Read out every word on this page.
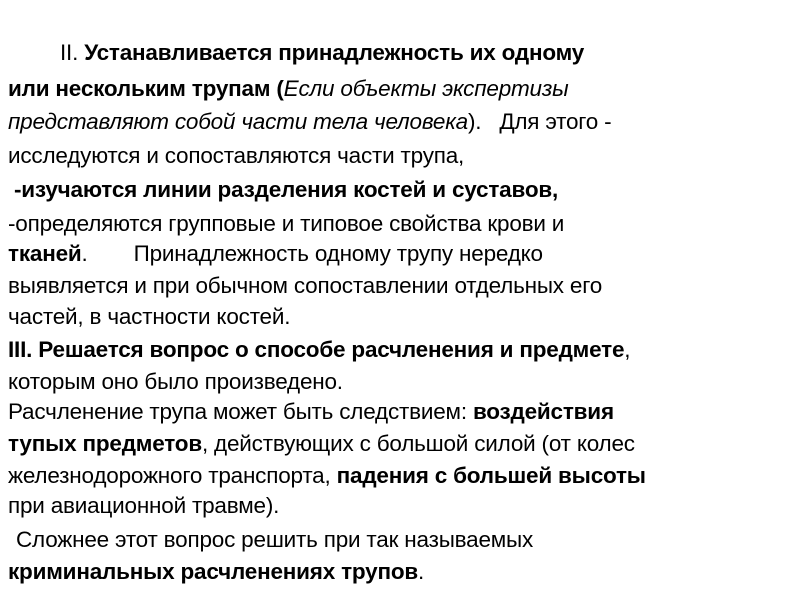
II. Устанавливается принадлежность их одному
или нескольким трупам (Если объекты экспертизы
представляют собой части тела человека). Для этого -
исследуются и сопоставляются части трупа,
-изучаются линии разделения костей и суставов,
-определяются групповые и типовое свойства крови и
тканей. Принадлежность одному трупу нередко
выявляется и при обычном сопоставлении отдельных его
частей, в частности костей.
III. Решается вопрос о способе расчленения и предмете,
которым оно было произведено.
Расчленение трупа может быть следствием: воздействия
тупых предметов, действующих с большой силой (от колес
железнодорожного транспорта, падения с большей высоты
при авиационной травме).
Сложнее этот вопрос решить при так называемых
криминальных расчленениях трупов.
